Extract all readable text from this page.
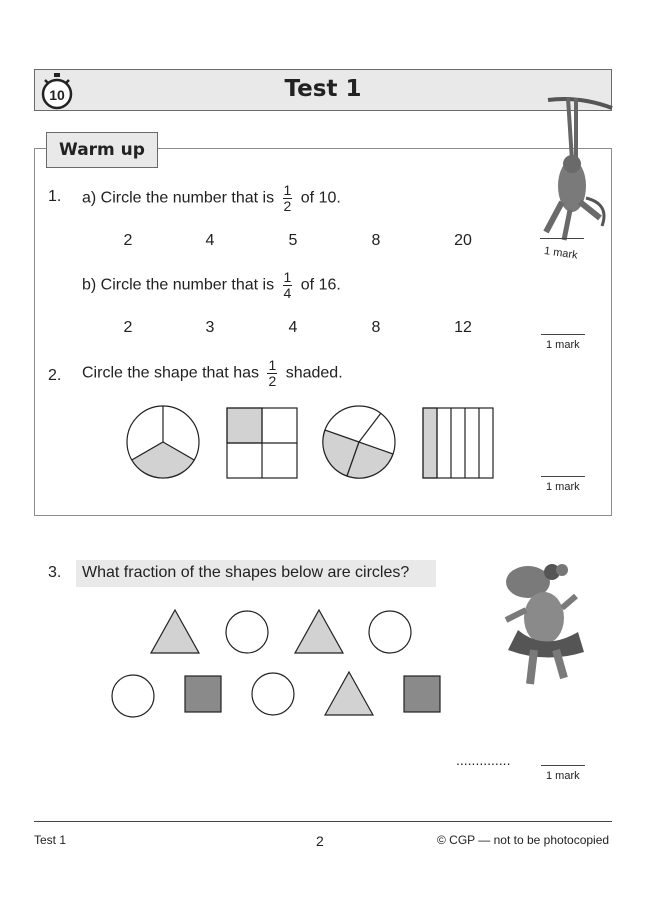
10	Test 1
Warm up
1. a) Circle the number that is $\frac{1}{2}$ of 10.
2	4	5	8	20
1 mark
b) Circle the number that is $\frac{1}{4}$ of 16.
2	3	4	8	12
1 mark
2. Circle the shape that has $\frac{1}{2}$ shaded.
1 mark
3. What fraction of the shapes below are circles?
..............
1 mark
Test 1	2	© CGP — not to be photocopied
